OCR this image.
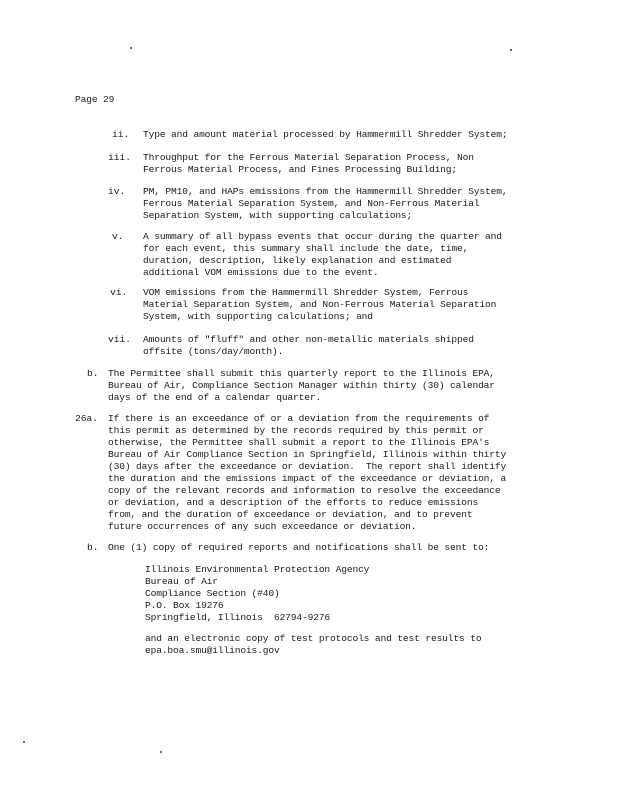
Page 29
ii. Type and amount material processed by Hammermill Shredder System;
iii. Throughput for the Ferrous Material Separation Process, Non
Ferrous Material Process, and Fines Processing Building;
iv. PM, PM10, and HAPs emissions from the Hammermill Shredder System,
Ferrous Material Separation System, and Non-Ferrous Material
Separation System, with supporting calculations;
v. A summary of all bypass events that occur during the quarter and
for each event, this summary shall include the date, time,
duration, description, likely explanation and estimated
additional VOM emissions due to the event.
vi. VOM emissions from the Hammermill Shredder System, Ferrous
Material Separation System, and Non-Ferrous Material Separation
System, with supporting calculations; and
vii. Amounts of "fluff" and other non-metallic materials shipped
offsite (tons/day/month).
b. The Permittee shall submit this quarterly report to the Illinois EPA,
Bureau of Air, Compliance Section Manager within thirty (30) calendar
days of the end of a calendar quarter.
26a. If there is an exceedance of or a deviation from the requirements of
this permit as determined by the records required by this permit or
otherwise, the Permittee shall submit a report to the Illinois EPA's
Bureau of Air Compliance Section in Springfield, Illinois within thirty
(30) days after the exceedance or deviation.  The report shall identify
the duration and the emissions impact of the exceedance or deviation, a
copy of the relevant records and information to resolve the exceedance
or deviation, and a description of the efforts to reduce emissions
from, and the duration of exceedance or deviation, and to prevent
future occurrences of any such exceedance or deviation.
b. One (1) copy of required reports and notifications shall be sent to:
Illinois Environmental Protection Agency
Bureau of Air
Compliance Section (#40)
P.O. Box 19276
Springfield, Illinois  62794-9276
and an electronic copy of test protocols and test results to
epa.boa.smu@illinois.gov
